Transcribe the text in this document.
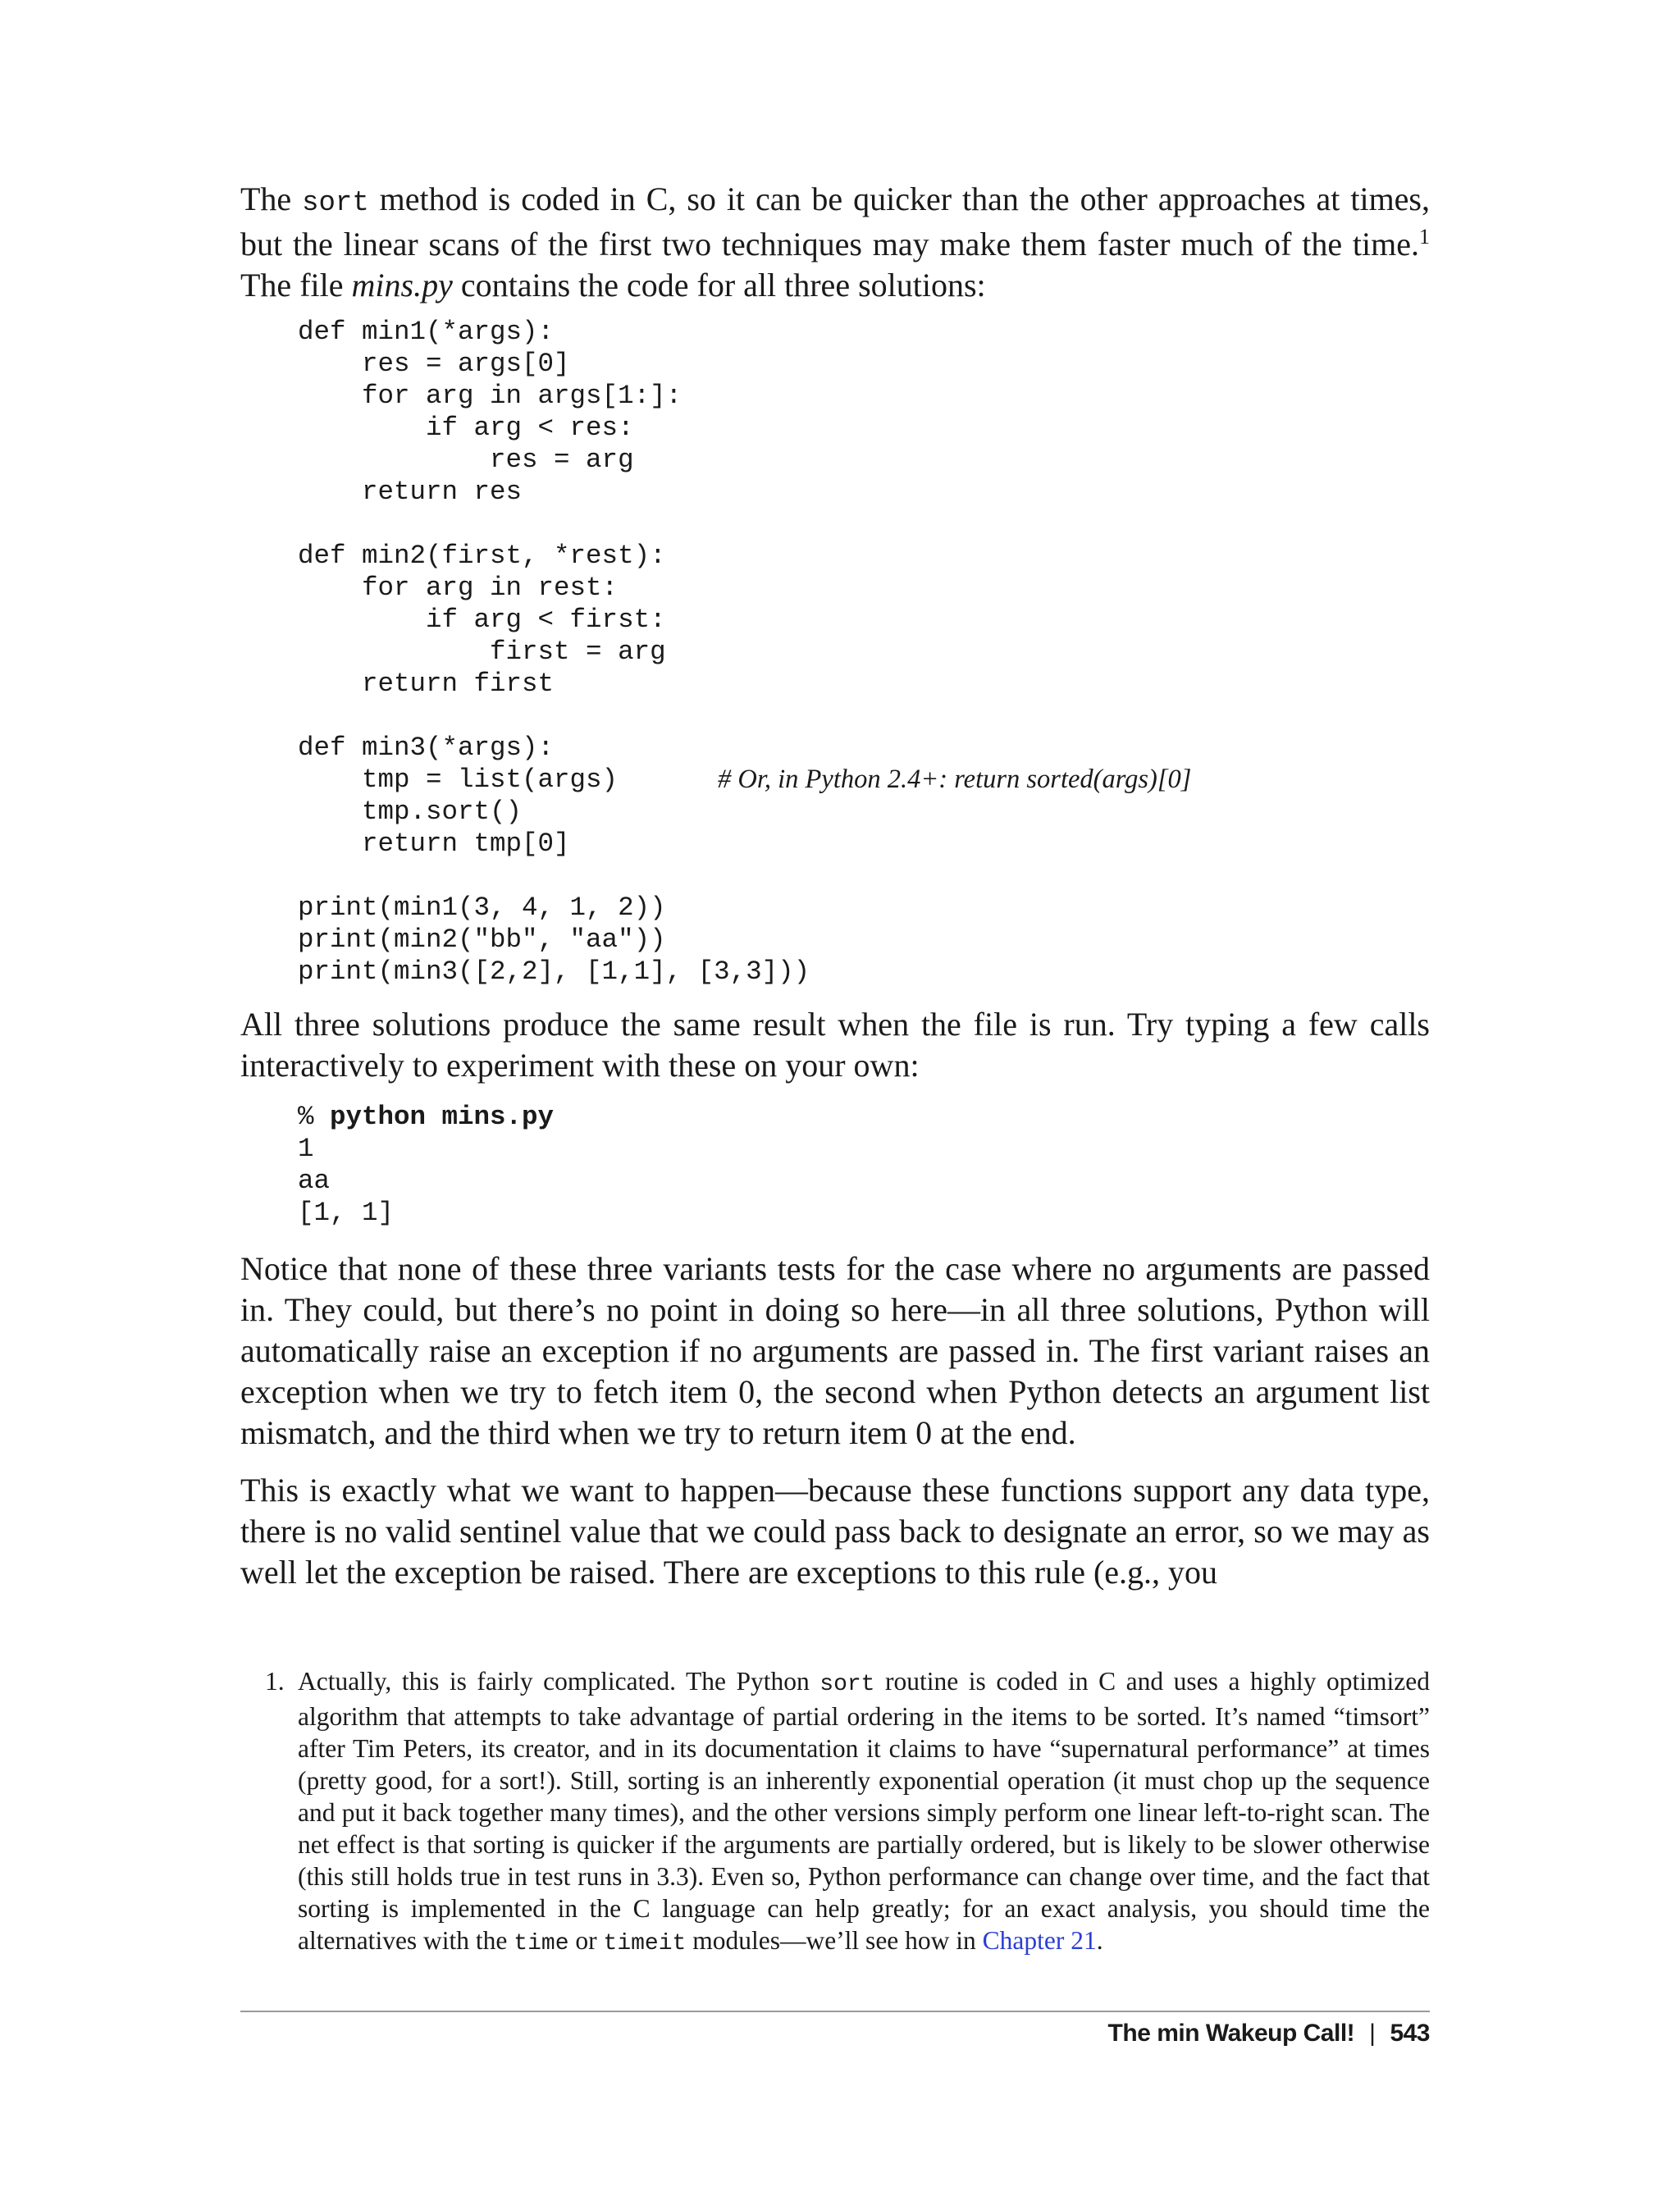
The sort method is coded in C, so it can be quicker than the other approaches at times, but the linear scans of the first two techniques may make them faster much of the time.$^1$ The file mins.py contains the code for all three solutions:

def min1(*args):
res = args[0]
for arg in args[1:]:
if arg < res:
res = arg
return res
def min2(first, *rest):
for arg in rest:
if arg < first:
first = arg
return first
def min3(*args):
tmp = list(args)	# Or, in Python 2.4+: return sorted(args)[0]
tmp.sort()
return tmp[0]
print(min1(3, 4, 1, 2))
print(min2("bb", "aa"))
print(min3([2,2], [1,1], [3,3]))

All three solutions produce the same result when the file is run. Try typing a few calls interactively to experiment with these on your own:

% python mins.py
1
aa
[1, 1]

Notice that none of these three variants tests for the case where no arguments are passed in. They could, but there’s no point in doing so here—in all three solutions, Python will automatically raise an exception if no arguments are passed in. The first variant raises an exception when we try to fetch item 0, the second when Python detects an argument list mismatch, and the third when we try to return item 0 at the end.

This is exactly what we want to happen—because these functions support any data type, there is no valid sentinel value that we could pass back to designate an error, so we may as well let the exception be raised. There are exceptions to this rule (e.g., you

1. Actually, this is fairly complicated. The Python sort routine is coded in C and uses a highly optimized algorithm that attempts to take advantage of partial ordering in the items to be sorted. It’s named “timsort” after Tim Peters, its creator, and in its documentation it claims to have “supernatural performance” at times (pretty good, for a sort!). Still, sorting is an inherently exponential operation (it must chop up the sequence and put it back together many times), and the other versions simply perform one linear left-to-right scan. The net effect is that sorting is quicker if the arguments are partially ordered, but is likely to be slower otherwise (this still holds true in test runs in 3.3). Even so, Python performance can change over time, and the fact that sorting is implemented in the C language can help greatly; for an exact analysis, you should time the alternatives with the time or timeit modules—we’ll see how in Chapter 21.
The min Wakeup Call! | 543
